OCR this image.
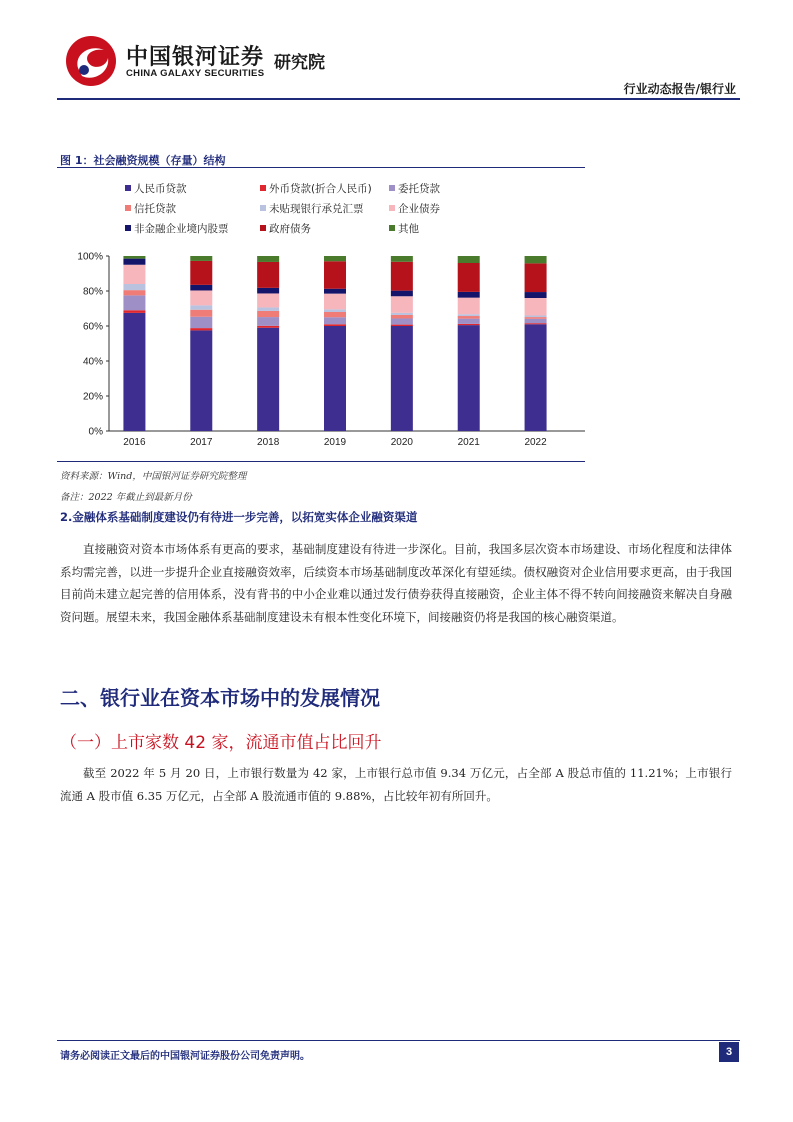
中国银河证券
CHINA GALAXY SECURITIES
研究院
行业动态报告/银行业
图 1：社会融资规模（存量）结构
人民币贷款	外币贷款(折合人民币)	委托贷款
信托贷款	未贴现银行承兑汇票	企业债券
非金融企业境内股票	政府债务	其他
0%
20%
40%
60%
80%
100%
2016	2017	2018	2019	2020	2021	2022
资料来源：Wind，中国银河证券研究院整理
备注：2022 年截止到最新月份
2.金融体系基础制度建设仍有待进一步完善，以拓宽实体企业融资渠道

直接融资对资本市场体系有更高的要求，基础制度建设有待进一步深化。目前，我国多层次资本市场建设、市场化程度和法律体系均需完善，以进一步提升企业直接融资效率，后续资本市场基础制度改革深化有望延续。债权融资对企业信用要求更高，由于我国目前尚未建立起完善的信用体系，没有背书的中小企业难以通过发行债券获得直接融资，企业主体不得不转向间接融资来解决自身融资问题。展望未来，我国金融体系基础制度建设未有根本性变化环境下，间接融资仍将是我国的核心融资渠道。

二、银行业在资本市场中的发展情况
（一）上市家数 42 家，流通市值占比回升

截至 2022 年 5 月 20 日，上市银行数量为 42 家，上市银行总市值 9.34 万亿元，占全部 A 股总市值的 11.21%；上市银行流通 A 股市值 6.35 万亿元，占全部 A 股流通市值的 9.88%，占比较年初有所回升。

请务必阅读正文最后的中国银河证券股份公司免责声明。	3
